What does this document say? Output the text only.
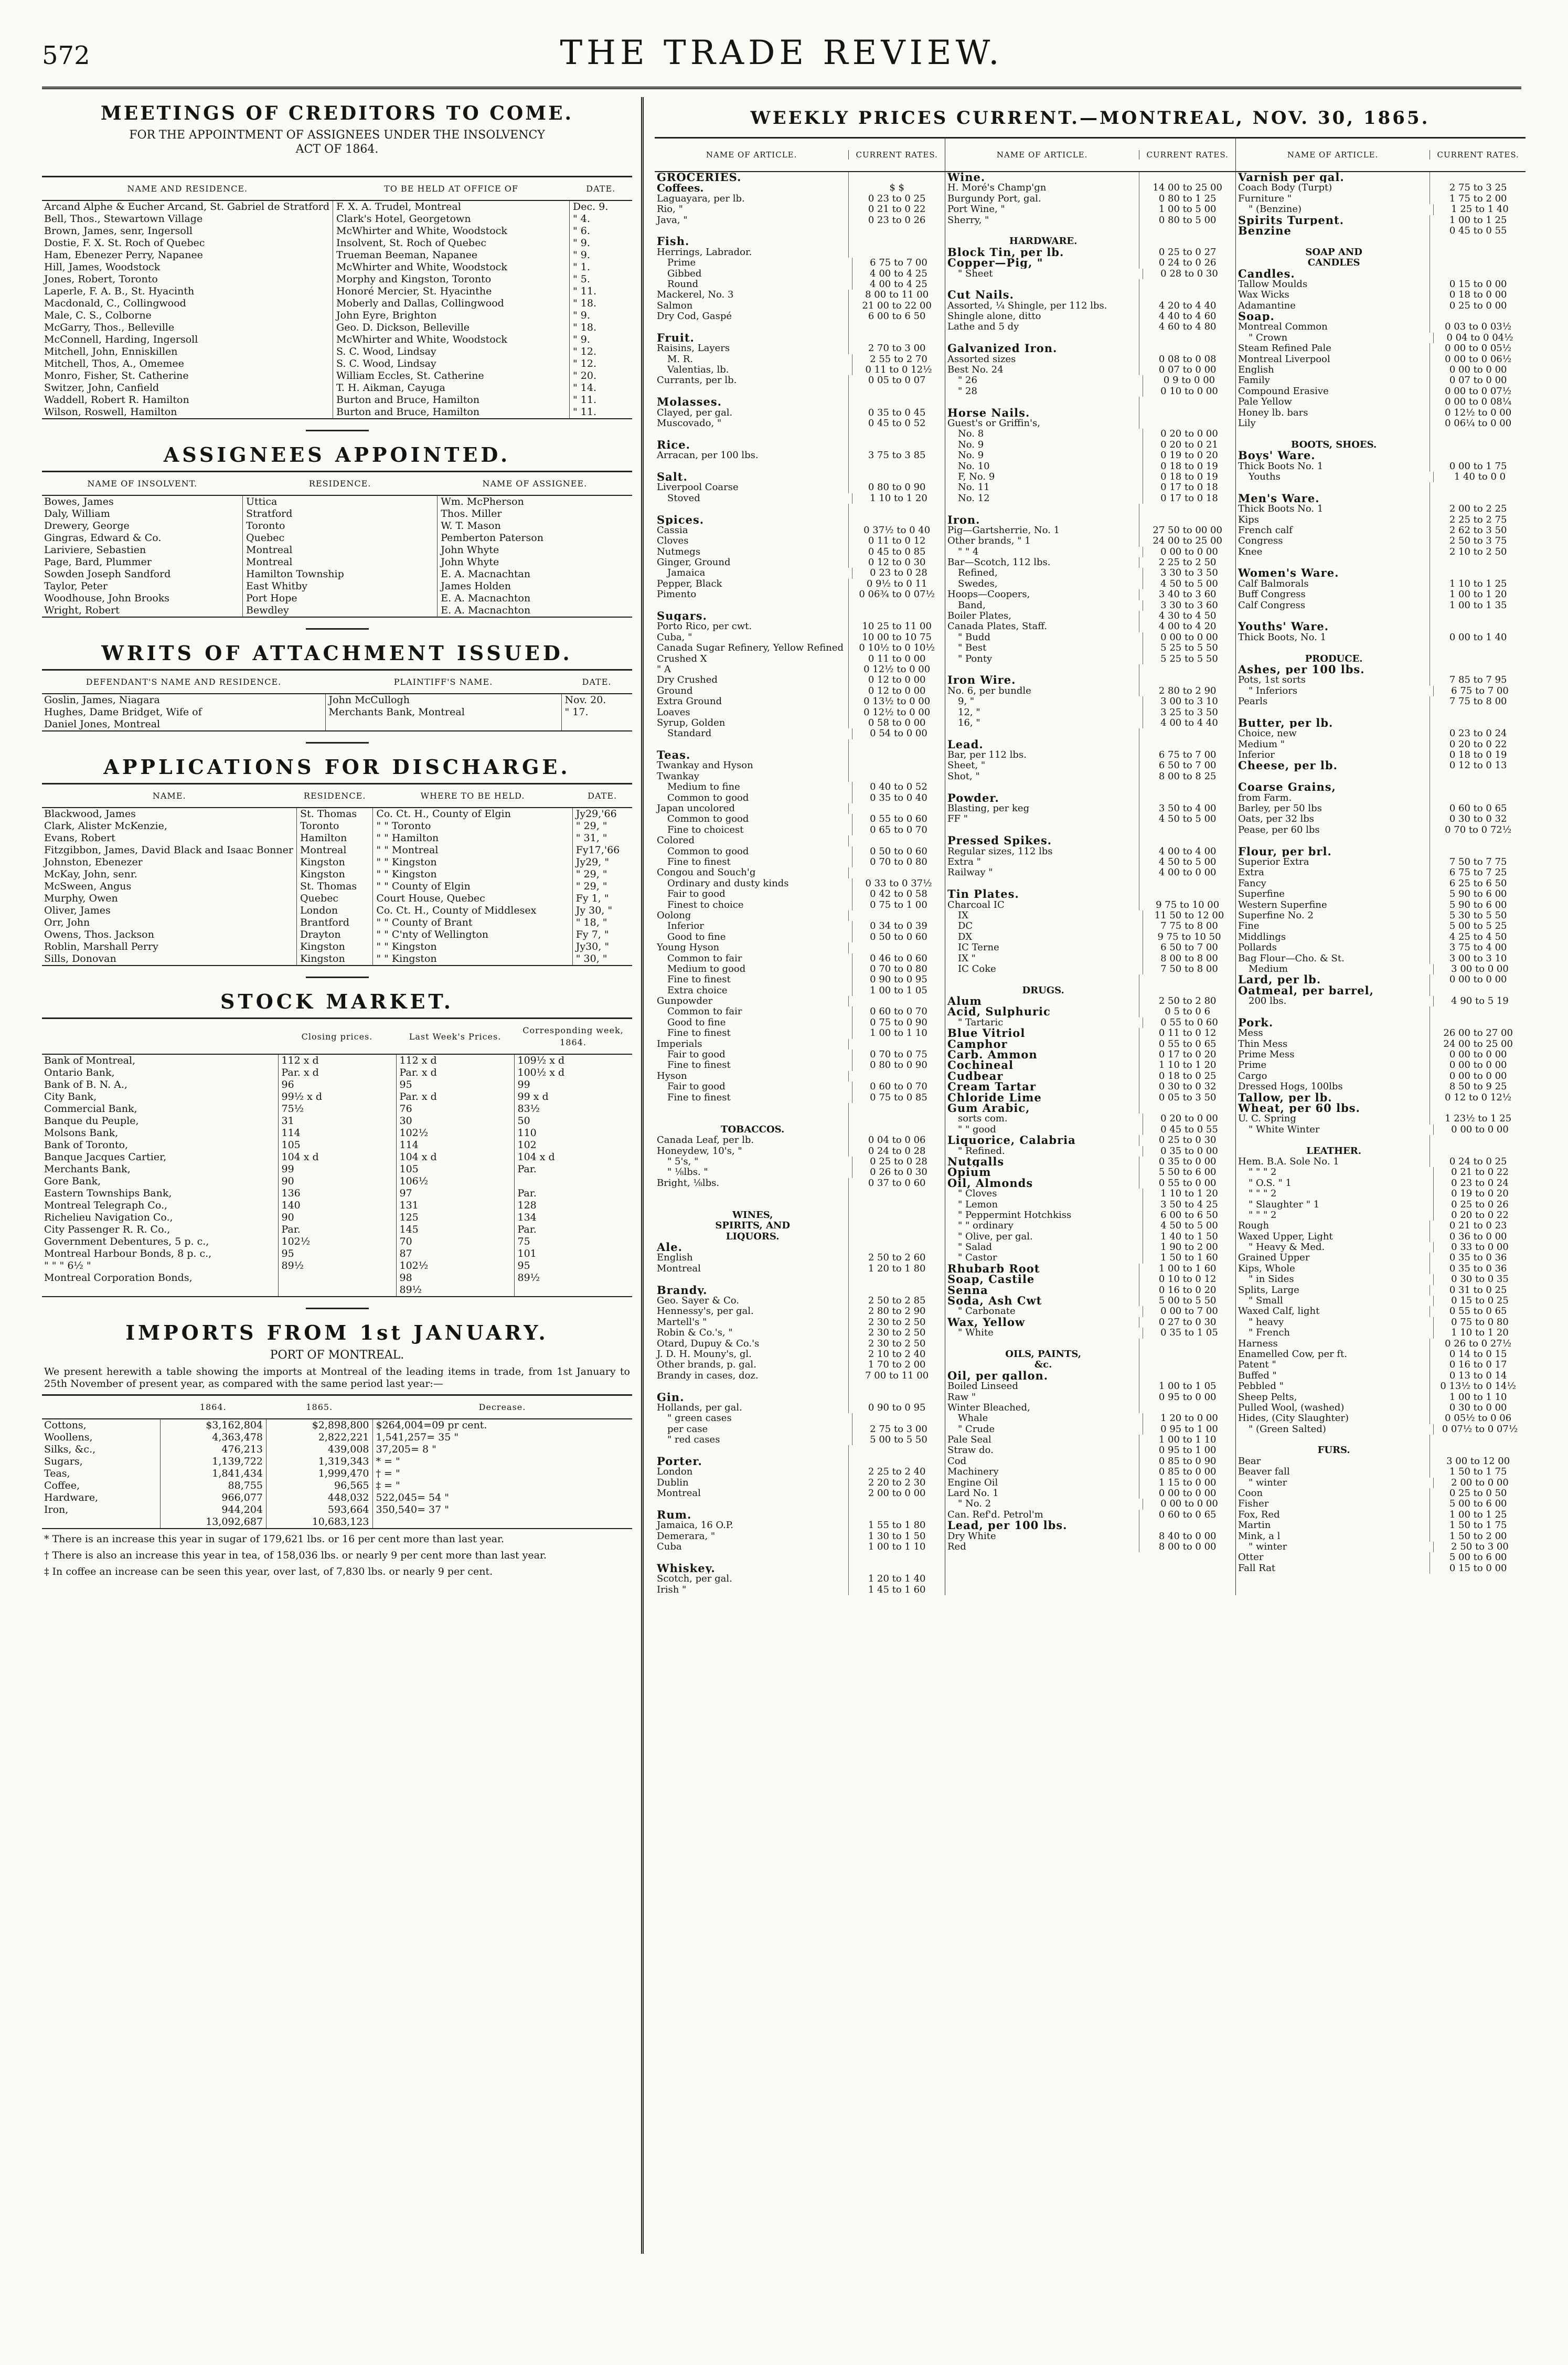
572	THE TRADE REVIEW.
MEETINGS OF CREDITORS TO COME.
FOR THE APPOINTMENT OF ASSIGNEES UNDER THE INSOLVENCY
ACT OF 1864.
NAME AND RESIDENCE.	TO BE HELD AT OFFICE OF	DATE.
Arcand Alphe & Eucher Arcand, St. Gabriel de Stratford	F. X. A. Trudel, Montreal	Dec. 9.
Bell, Thos., Stewartown Village	Clark's Hotel, Georgetown	" 4.
Brown, James, senr, Ingersoll	McWhirter and White, Woodstock	" 6.
Dostie, F. X. St. Roch of Quebec	Insolvent, St. Roch of Quebec	" 9.
Ham, Ebenezer Perry, Napanee	Trueman Beeman, Napanee	" 9.
Hill, James, Woodstock	McWhirter and White, Woodstock	" 1.
Jones, Robert, Toronto	Morphy and Kingston, Toronto	" 5.
Laperle, F. A. B., St. Hyacinth	Honoré Mercier, St. Hyacinthe	" 11.
Macdonald, C., Collingwood	Moberly and Dallas, Collingwood	" 18.
Male, C. S., Colborne	John Eyre, Brighton	" 9.
McGarry, Thos., Belleville	Geo. D. Dickson, Belleville	" 18.
McConnell, Harding, Ingersoll	McWhirter and White, Woodstock	" 9.
Mitchell, John, Enniskillen	S. C. Wood, Lindsay	" 12.
Mitchell, Thos, A., Omemee	S. C. Wood, Lindsay	" 12.
Monro, Fisher, St. Catherine	William Eccles, St. Catherine	" 20.
Switzer, John, Canfield	T. H. Aikman, Cayuga	" 14.
Waddell, Robert R. Hamilton	Burton and Bruce, Hamilton	" 11.
Wilson, Roswell, Hamilton	Burton and Bruce, Hamilton	" 11.
ASSIGNEES APPOINTED.
NAME OF INSOLVENT.	RESIDENCE.	NAME OF ASSIGNEE.
Bowes, James	Uttica	Wm. McPherson
Daly, William	Stratford	Thos. Miller
Drewery, George	Toronto	W. T. Mason
Gingras, Edward & Co.	Quebec	Pemberton Paterson
Lariviere, Sebastien	Montreal	John Whyte
Page, Bard, Plummer	Montreal	John Whyte
Sowden Joseph Sandford	Hamilton Township	E. A. Macnachtan
Taylor, Peter	East Whitby	James Holden
Woodhouse, John Brooks	Port Hope	E. A. Macnachton
Wright, Robert	Bewdley	E. A. Macnachton
WRITS OF ATTACHMENT ISSUED.
DEFENDANT'S NAME AND RESIDENCE.	PLAINTIFF'S NAME.	DATE.
Goslin, James, Niagara	John McCullogh	Nov. 20.
Hughes, Dame Bridget, Wife of	Merchants Bank, Montreal	" 17.
Daniel Jones, Montreal		
APPLICATIONS FOR DISCHARGE.
NAME.	RESIDENCE.	WHERE TO BE HELD.	DATE.
Blackwood, James	St. Thomas	Co. Ct. H., County of Elgin	Jy29,'66
Clark, Alister McKenzie,	Toronto	" " Toronto	" 29, "
Evans, Robert	Hamilton	" " Hamilton	" 31, "
Fitzgibbon, James, David Black and Isaac Bonner	Montreal	" " Montreal	Fy17,'66
Johnston, Ebenezer	Kingston	" " Kingston	Jy29, "
McKay, John, senr.	Kingston	" " Kingston	" 29, "
McSween, Angus	St. Thomas	" " County of Elgin	" 29, "
Murphy, Owen	Quebec	Court House, Quebec	Fy 1, "
Oliver, James	London	Co. Ct. H., County of Middlesex	Jy 30, "
Orr, John	Brantford	" " County of Brant	" 18, "
Owens, Thos. Jackson	Drayton	" " C'nty of Wellington	Fy 7, "
Roblin, Marshall Perry	Kingston	" " Kingston	Jy30, "
Sills, Donovan	Kingston	" " Kingston	" 30, "
STOCK MARKET.
	Closing prices.	Last Week's Prices.	Corresponding week, 1864.
Bank of Montreal,	112 x d	112 x d	109½ x d
Ontario Bank,	Par. x d	Par. x d	100½ x d
Bank of B. N. A.,	96	95	99
City Bank,	99½ x d	Par. x d	99 x d
Commercial Bank,	75½	76	83½
Banque du Peuple,	31	30	50
Molsons Bank,	114	102½	110
Bank of Toronto,	105	114	102
Banque Jacques Cartier,	104 x d	104 x d	104 x d
Merchants Bank,	99	105	Par.
Gore Bank,	90	106½	
Eastern Townships Bank,	136	97	Par.
Montreal Telegraph Co.,	140	131	128
Richelieu Navigation Co.,	90	125	134
City Passenger R. R. Co.,	Par.	145	Par.
Government Debentures, 5 p. c.,	102½	70	75
Montreal Harbour Bonds, 8 p. c.,	95	87	101
" " " 6½ "	89½	102½	95
Montreal Corporation Bonds,		98	89½
		89½	
IMPORTS FROM 1st JANUARY.
PORT OF MONTREAL.
We present herewith a table showing the imports at Montreal of the leading items in trade, from 1st January to 25th November of present year, as compared with the same period last year:—
	1864.	1865.	Decrease.
Cottons,	$3,162,804	$2,898,800	$264,004=09 pr cent.
Woollens,	4,363,478	2,822,221	1,541,257= 35 "
Silks, &c.,	476,213	439,008	37,205= 8 "
Sugars,	1,139,722	1,319,343	* = "
Teas,	1,841,434	1,999,470	† = "
Coffee,	88,755	96,565	‡ = "
Hardware,	966,077	448,032	522,045= 54 "
Iron,	944,204	593,664	350,540= 37 "
	13,092,687	10,683,123	
* There is an increase this year in sugar of 179,621 lbs. or 16 per cent more than last year.
† There is also an increase this year in tea, of 158,036 lbs. or nearly 9 per cent more than last year.
‡ In coffee an increase can be seen this year, over last, of 7,830 lbs. or nearly 9 per cent.
WEEKLY PRICES CURRENT.—MONTREAL, NOV. 30, 1865.
NAME OF ARTICLE.	CURRENT RATES.
GROCERIES.
Coffees.	$ $
Laguayara, per lb.	0 23 to 0 25
Rio, "	0 21 to 0 22
Java, "	0 23 to 0 26
Fish.
Herrings, Labrador.
Prime	6 75 to 7 00
Gibbed	4 00 to 4 25
Round	4 00 to 4 25
Mackerel, No. 3	8 00 to 11 00
Salmon	21 00 to 22 00
Dry Cod, Gaspé	6 00 to 6 50
Fruit.
Raisins, Layers	2 70 to 3 00
M. R.	2 55 to 2 70
Valentias, lb.	0 11 to 0 12½
Currants, per lb.	0 05 to 0 07
Molasses.
Clayed, per gal.	0 35 to 0 45
Muscovado, "	0 45 to 0 52
Rice.
Arracan, per 100 lbs.	3 75 to 3 85
Salt.
Liverpool Coarse	0 80 to 0 90
Stoved	1 10 to 1 20
Spices.
Cassia	0 37½ to 0 40
Cloves	0 11 to 0 12
Nutmegs	0 45 to 0 85
Ginger, Ground	0 12 to 0 30
Jamaica	0 23 to 0 28
Pepper, Black	0 9½ to 0 11
Pimento	0 06¾ to 0 07½
Sugars.
Porto Rico, per cwt.	10 25 to 11 00
Cuba, "	10 00 to 10 75
Canada Sugar Refinery, Yellow Refined	0 10½ to 0 10½
Crushed X	0 11 to 0 00
" A	0 12½ to 0 00
Dry Crushed	0 12 to 0 00
Ground	0 12 to 0 00
Extra Ground	0 13½ to 0 00
Loaves	0 12½ to 0 00
Syrup, Golden	0 58 to 0 00
Standard	0 54 to 0 00
Teas.
Twankay and Hyson
Twankay
Medium to fine	0 40 to 0 52
Common to good	0 35 to 0 40
Japan uncolored
Common to good	0 55 to 0 60
Fine to choicest	0 65 to 0 70
Colored
Common to good	0 50 to 0 60
Fine to finest	0 70 to 0 80
Congou and Souch'g
Ordinary and dusty kinds	0 33 to 0 37½
Fair to good	0 42 to 0 58
Finest to choice	0 75 to 1 00
Oolong
Inferior	0 34 to 0 39
Good to fine	0 50 to 0 60
Young Hyson
Common to fair	0 46 to 0 60
Medium to good	0 70 to 0 80
Fine to finest	0 90 to 0 95
Extra choice	1 00 to 1 05
Gunpowder
Common to fair	0 60 to 0 70
Good to fine	0 75 to 0 90
Fine to finest	1 00 to 1 10
Imperials
Fair to good	0 70 to 0 75
Fine to finest	0 80 to 0 90
Hyson
Fair to good	0 60 to 0 70
Fine to finest	0 75 to 0 85
TOBACCOS.
Canada Leaf, per lb.	0 04 to 0 06
Honeydew, 10's, "	0 24 to 0 28
" 5's, "	0 25 to 0 28
" ⅛lbs. "	0 26 to 0 30
Bright, ⅛lbs.	0 37 to 0 60
WINES,
SPIRITS, AND
LIQUORS.
Ale.
English	2 50 to 2 60
Montreal	1 20 to 1 80
Brandy.
Geo. Sayer & Co.	2 50 to 2 85
Hennessy's, per gal.	2 80 to 2 90
Martell's "	2 30 to 2 50
Robin & Co.'s, "	2 30 to 2 50
Otard, Dupuy & Co.'s	2 30 to 2 50
J. D. H. Mouny's, gl.	2 10 to 2 40
Other brands, p. gal.	1 70 to 2 00
Brandy in cases, doz.	7 00 to 11 00
Gin.
Hollands, per gal.	0 90 to 0 95
" green cases
per case	2 75 to 3 00
" red cases	5 00 to 5 50
Porter.
London	2 25 to 2 40
Dublin	2 20 to 2 30
Montreal	2 00 to 0 00
Rum.
Jamaica, 16 O.P.	1 55 to 1 80
Demerara, "	1 30 to 1 50
Cuba	1 00 to 1 10
Whiskey.
Scotch, per gal.	1 20 to 1 40
Irish "	1 45 to 1 60
NAME OF ARTICLE.	CURRENT RATES.
Wine.
H. Moré's Champ'gn	14 00 to 25 00
Burgundy Port, gal.	0 80 to 1 25
Port Wine, "	1 00 to 5 00
Sherry, "	0 80 to 5 00
HARDWARE.
Block Tin, per lb.	0 25 to 0 27
Copper—Pig, "	0 24 to 0 26
" Sheet	0 28 to 0 30
Cut Nails.
Assorted, ¼ Shingle, per 112 lbs.	4 20 to 4 40
Shingle alone, ditto	4 40 to 4 60
Lathe and 5 dy	4 60 to 4 80
Galvanized Iron.
Assorted sizes	0 08 to 0 08
Best No. 24	0 07 to 0 00
" 26	0 9 to 0 00
" 28	0 10 to 0 00
Horse Nails.
Guest's or Griffin's,
No. 8	0 20 to 0 00
No. 9	0 20 to 0 21
No. 9	0 19 to 0 20
No. 10	0 18 to 0 19
F, No. 9	0 18 to 0 19
No. 11	0 17 to 0 18
No. 12	0 17 to 0 18
Iron.
Pig—Gartsherrie, No. 1	27 50 to 00 00
Other brands, " 1	24 00 to 25 00
" " 4	0 00 to 0 00
Bar—Scotch, 112 lbs.	2 25 to 2 50
Refined,	3 30 to 3 50
Swedes,	4 50 to 5 00
Hoops—Coopers,	3 40 to 3 60
Band,	3 30 to 3 60
Boiler Plates,	4 30 to 4 50
Canada Plates, Staff.	4 00 to 4 20
" Budd	0 00 to 0 00
" Best	5 25 to 5 50
" Ponty	5 25 to 5 50
Iron Wire.
No. 6, per bundle	2 80 to 2 90
9, "	3 00 to 3 10
12, "	3 25 to 3 50
16, "	4 00 to 4 40
Lead.
Bar, per 112 lbs.	6 75 to 7 00
Sheet, "	6 50 to 7 00
Shot, "	8 00 to 8 25
Powder.
Blasting, per keg	3 50 to 4 00
FF "	4 50 to 5 00
Pressed Spikes.
Regular sizes, 112 lbs	4 00 to 4 00
Extra "	4 50 to 5 00
Railway "	4 00 to 0 00
Tin Plates.
Charcoal IC	9 75 to 10 00
IX	11 50 to 12 00
DC	7 75 to 8 00
DX	9 75 to 10 50
IC Terne	6 50 to 7 00
IX "	8 00 to 8 00
IC Coke	7 50 to 8 00
DRUGS.
Alum	2 50 to 2 80
Acid, Sulphuric	0 5 to 0 6
" Tartaric	0 55 to 0 60
Blue Vitriol	0 11 to 0 12
Camphor	0 55 to 0 65
Carb. Ammon	0 17 to 0 20
Cochineal	1 10 to 1 20
Cudbear	0 18 to 0 25
Cream Tartar	0 30 to 0 32
Chloride Lime	0 05 to 3 50
Gum Arabic,
sorts com.	0 20 to 0 00
" " good	0 45 to 0 55
Liquorice, Calabria	0 25 to 0 30
" Refined.	0 35 to 0 00
Nutgalls	0 35 to 0 00
Opium	5 50 to 6 00
Oil, Almonds	0 55 to 0 00
" Cloves	1 10 to 1 20
" Lemon	3 50 to 4 25
" Peppermint Hotchkiss	6 00 to 6 50
" " ordinary	4 50 to 5 00
" Olive, per gal.	1 40 to 1 50
" Salad	1 90 to 2 00
" Castor	1 50 to 1 60
Rhubarb Root	1 00 to 1 60
Soap, Castile	0 10 to 0 12
Senna	0 16 to 0 20
Soda, Ash Cwt	5 00 to 5 50
" Carbonate	0 00 to 7 00
Wax, Yellow	0 27 to 0 30
" White	0 35 to 1 05
OILS, PAINTS,
&c.
Oil, per gallon.
Boiled Linseed	1 00 to 1 05
Raw "	0 95 to 0 00
Winter Bleached,
Whale	1 20 to 0 00
" Crude	0 95 to 1 00
Pale Seal	1 00 to 1 10
Straw do.	0 95 to 1 00
Cod	0 85 to 0 90
Machinery	0 85 to 0 00
Engine Oil	1 15 to 0 00
Lard No. 1	0 00 to 0 00
" No. 2	0 00 to 0 00
Can. Ref'd. Petrol'm	0 60 to 0 65
Lead, per 100 lbs.
Dry White	8 40 to 0 00
Red	8 00 to 0 00
NAME OF ARTICLE.	CURRENT RATES.
Varnish per gal.
Coach Body (Turpt)	2 75 to 3 25
Furniture "	1 75 to 2 00
" (Benzine)	1 25 to 1 40
Spirits Turpent.	1 00 to 1 25
Benzine	0 45 to 0 55
SOAP AND
CANDLES
Candles.
Tallow Moulds	0 15 to 0 00
Wax Wicks	0 18 to 0 00
Adamantine	0 25 to 0 00
Soap.
Montreal Common	0 03 to 0 03½
" Crown	0 04 to 0 04½
Steam Refined Pale	0 00 to 0 05½
Montreal Liverpool	0 00 to 0 06½
English	0 00 to 0 00
Family	0 07 to 0 00
Compound Erasive	0 00 to 0 07½
Pale Yellow	0 00 to 0 08¼
Honey lb. bars	0 12½ to 0 00
Lily	0 06¼ to 0 00
BOOTS, SHOES.
Boys' Ware.
Thick Boots No. 1	0 00 to 1 75
Youths	1 40 to 0 0
Men's Ware.
Thick Boots No. 1	2 00 to 2 25
Kips	2 25 to 2 75
French calf	2 62 to 3 50
Congress	2 50 to 3 75
Knee	2 10 to 2 50
Women's Ware.
Calf Balmorals	1 10 to 1 25
Buff Congress	1 00 to 1 20
Calf Congress	1 00 to 1 35
Youths' Ware.
Thick Boots, No. 1	0 00 to 1 40
PRODUCE.
Ashes, per 100 lbs.
Pots, 1st sorts	7 85 to 7 95
" Inferiors	6 75 to 7 00
Pearls	7 75 to 8 00
Butter, per lb.
Choice, new	0 23 to 0 24
Medium "	0 20 to 0 22
Inferior	0 18 to 0 19
Cheese, per lb.	0 12 to 0 13
Coarse Grains,
from Farm.
Barley, per 50 lbs	0 60 to 0 65
Oats, per 32 lbs	0 30 to 0 32
Pease, per 60 lbs	0 70 to 0 72½
Flour, per brl.
Superior Extra	7 50 to 7 75
Extra	6 75 to 7 25
Fancy	6 25 to 6 50
Superfine	5 90 to 6 00
Western Superfine	5 90 to 6 00
Superfine No. 2	5 30 to 5 50
Fine	5 00 to 5 25
Middlings	4 25 to 4 50
Pollards	3 75 to 4 00
Bag Flour—Cho. & St.	3 00 to 3 10
Medium	3 00 to 0 00
Lard, per lb.	0 00 to 0 00
Oatmeal, per barrel,
200 lbs.	4 90 to 5 19
Pork.
Mess	26 00 to 27 00
Thin Mess	24 00 to 25 00
Prime Mess	0 00 to 0 00
Prime	0 00 to 0 00
Cargo	0 00 to 0 00
Dressed Hogs, 100lbs	8 50 to 9 25
Tallow, per lb.	0 12 to 0 12½
Wheat, per 60 lbs.
U. C. Spring	1 23½ to 1 25
" White Winter	0 00 to 0 00
LEATHER.
Hem. B.A. Sole No. 1	0 24 to 0 25
" " " 2	0 21 to 0 22
" O.S. " 1	0 23 to 0 24
" " " 2	0 19 to 0 20
" Slaughter " 1	0 25 to 0 26
" " " 2	0 20 to 0 22
Rough	0 21 to 0 23
Waxed Upper, Light	0 36 to 0 00
" Heavy & Med.	0 33 to 0 00
Grained Upper	0 35 to 0 36
Kips, Whole	0 35 to 0 36
" in Sides	0 30 to 0 35
Splits, Large	0 31 to 0 25
" Small	0 15 to 0 25
Waxed Calf, light	0 55 to 0 65
" heavy	0 75 to 0 80
" French	1 10 to 1 20
Harness	0 26 to 0 27½
Enamelled Cow, per ft.	0 14 to 0 15
Patent "	0 16 to 0 17
Buffed "	0 13 to 0 14
Pebbled "	0 13½ to 0 14½
Sheep Pelts,	1 00 to 1 10
Pulled Wool, (washed)	0 30 to 0 00
Hides, (City Slaughter)	0 05½ to 0 06
" (Green Salted)	0 07½ to 0 07½
FURS.
Bear	3 00 to 12 00
Beaver fall	1 50 to 1 75
" winter	2 00 to 0 00
Coon	0 25 to 0 50
Fisher	5 00 to 6 00
Fox, Red	1 00 to 1 25
Martin	1 50 to 1 75
Mink, a l	1 50 to 2 00
" winter	2 50 to 3 00
Otter	5 00 to 6 00
Fall Rat	0 15 to 0 00
